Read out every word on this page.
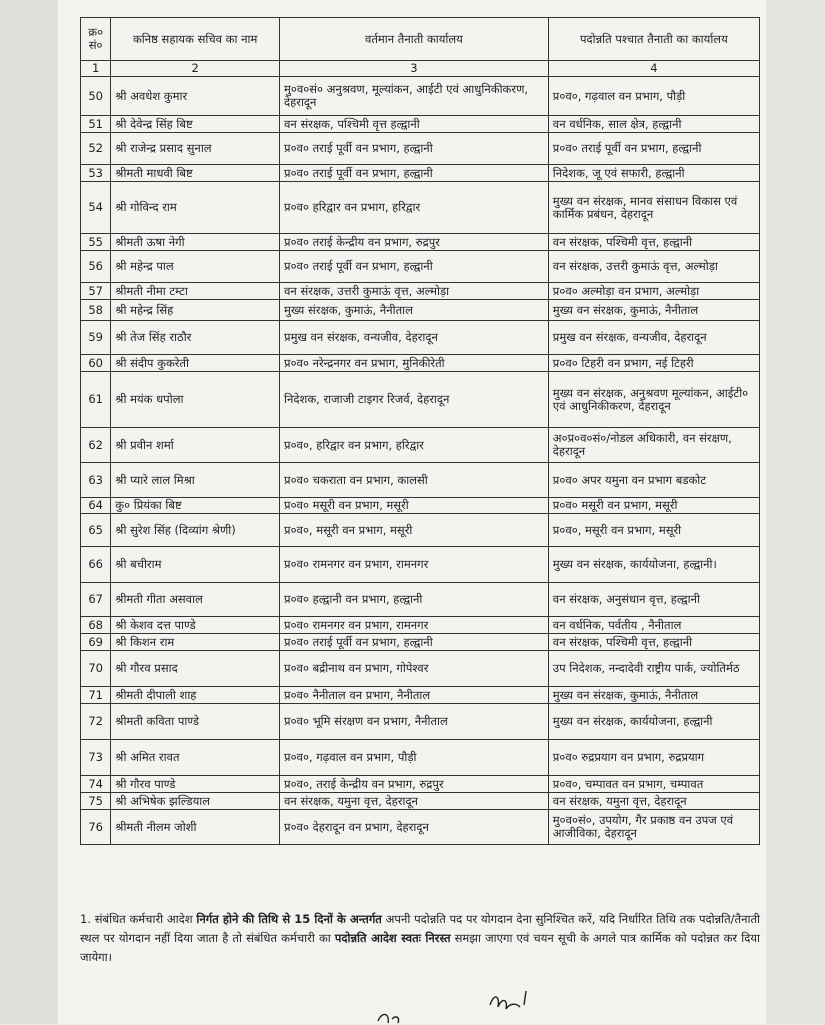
क्र० सं०	कनिष्ठ सहायक सचिव का नाम	वर्तमान तैनाती कार्यालय	पदोन्नति पश्चात तैनाती का कार्यालय
1	2	3	4
50	श्री अवधेश कुमार	मु०व०सं० अनुश्रवण, मूल्यांकन, आईटी एवं आधुनिकीकरण, देहरादून	प्र०व०, गढ़वाल वन प्रभाग, पौड़ी
51	श्री देवेन्द्र सिंह बिष्ट	वन संरक्षक, पश्चिमी वृत्त हल्द्वानी	वन वर्धनिक, साल क्षेत्र, हल्द्वानी
52	श्री राजेन्द्र प्रसाद सुनाल	प्र०व० तराई पूर्वी वन प्रभाग, हल्द्वानी	प्र०व० तराई पूर्वी वन प्रभाग, हल्द्वानी
53	श्रीमती माधवी बिष्ट	प्र०व० तराई पूर्वी वन प्रभाग, हल्द्वानी	निदेशक, जू एवं सफारी, हल्द्वानी
54	श्री गोविन्द राम	प्र०व० हरिद्वार वन प्रभाग, हरिद्वार	मुख्य वन संरक्षक, मानव संसाधन विकास एवं कार्मिक प्रबंधन, देहरादून
55	श्रीमती ऊषा नेगी	प्र०व० तराई केन्द्रीय वन प्रभाग, रुद्रपुर	वन संरक्षक, पश्चिमी वृत्त, हल्द्वानी
56	श्री महेन्द्र पाल	प्र०व० तराई पूर्वी वन प्रभाग, हल्द्वानी	वन संरक्षक, उत्तरी कुमाऊं वृत्त, अल्मोड़ा
57	श्रीमती नीमा टम्टा	वन संरक्षक, उत्तरी कुमाऊं वृत्त, अल्मोड़ा	प्र०व० अल्मोड़ा वन प्रभाग, अल्मोड़ा
58	श्री महेन्द्र सिंह	मुख्य संरक्षक, कुमाऊं, नैनीताल	मुख्य वन संरक्षक, कुमाऊं, नैनीताल
59	श्री तेज सिंह राठौर	प्रमुख वन संरक्षक, वन्यजीव, देहरादून	प्रमुख वन संरक्षक, वन्यजीव, देहरादून
60	श्री संदीप कुकरेती	प्र०व० नरेन्द्रनगर वन प्रभाग, मुनिकीरेती	प्र०व० टिहरी वन प्रभाग, नई टिहरी
61	श्री मयंक धपोला	निदेशक, राजाजी टाइगर रिजर्व, देहरादून	मुख्य वन संरक्षक, अनुश्रवण मूल्यांकन, आईटी० एवं आधुनिकीकरण, देहरादून
62	श्री प्रवीन शर्मा	प्र०व०, हरिद्वार वन प्रभाग, हरिद्वार	अ०प्र०व०सं०/नोडल अधिकारी, वन संरक्षण, देहरादून
63	श्री प्यारे लाल मिश्रा	प्र०व० चकराता वन प्रभाग, कालसी	प्र०व० अपर यमुना वन प्रभाग बडकोट
64	कु० प्रियंका बिष्ट	प्र०व० मसूरी वन प्रभाग, मसूरी	प्र०व० मसूरी वन प्रभाग, मसूरी
65	श्री सुरेश सिंह (दिव्यांग श्रेणी)	प्र०व०, मसूरी वन प्रभाग, मसूरी	प्र०व०, मसूरी वन प्रभाग, मसूरी
66	श्री बचीराम	प्र०व० रामनगर वन प्रभाग, रामनगर	मुख्य वन संरक्षक, कार्ययोजना, हल्द्वानी।
67	श्रीमती गीता असवाल	प्र०व० हल्द्वानी वन प्रभाग, हल्द्वानी	वन संरक्षक, अनुसंधान वृत्त, हल्द्वानी
68	श्री केशव दत्त पाण्डे	प्र०व० रामनगर वन प्रभाग, रामनगर	वन वर्धनिक, पर्वतीय , नैनीताल
69	श्री किशन राम	प्र०व० तराई पूर्वी वन प्रभाग, हल्द्वानी	वन संरक्षक, पश्चिमी वृत्त, हल्द्वानी
70	श्री गौरव प्रसाद	प्र०व० बद्रीनाथ वन प्रभाग, गोपेश्वर	उप निदेशक, नन्दादेवी राष्ट्रीय पार्क, ज्योतिर्मठ
71	श्रीमती दीपाली शाह	प्र०व० नैनीताल वन प्रभाग, नैनीताल	मुख्य वन संरक्षक, कुमाऊं, नैनीताल
72	श्रीमती कविता पाण्डे	प्र०व० भूमि संरक्षण वन प्रभाग, नैनीताल	मुख्य वन संरक्षक, कार्ययोजना, हल्द्वानी
73	श्री अमित रावत	प्र०व०, गढ़वाल वन प्रभाग, पौड़ी	प्र०व० रुद्रप्रयाग वन प्रभाग, रुद्रप्रयाग
74	श्री गौरव पाण्डे	प्र०व०, तराई केन्द्रीय वन प्रभाग, रुद्रपुर	प्र०व०, चम्पावत वन प्रभाग, चम्पावत
75	श्री अभिषेक झल्डियाल	वन संरक्षक, यमुना वृत्त, देहरादून	वन संरक्षक, यमुना वृत्त, देहरादून
76	श्रीमती नीलम जोशी	प्र०व० देहरादून वन प्रभाग, देहरादून	मु०व०सं०, उपयोग, गैर प्रकाष्ठ वन उपज एवं आजीविका, देहरादून
1. संबंधित कर्मचारी आदेश निर्गत होने की तिथि से 15 दिनों के अन्तर्गत अपनी पदोन्नति पद पर योगदान देना सुनिश्चित करें, यदि निर्धारित तिथि तक पदोन्नति/तैनाती स्थल पर योगदान नहीं दिया जाता है तो संबंधित कर्मचारी का पदोन्नति आदेश स्वतः निरस्त समझा जाएगा एवं चयन सूची के अगले पात्र कार्मिक को पदोन्नत कर दिया जायेगा।
